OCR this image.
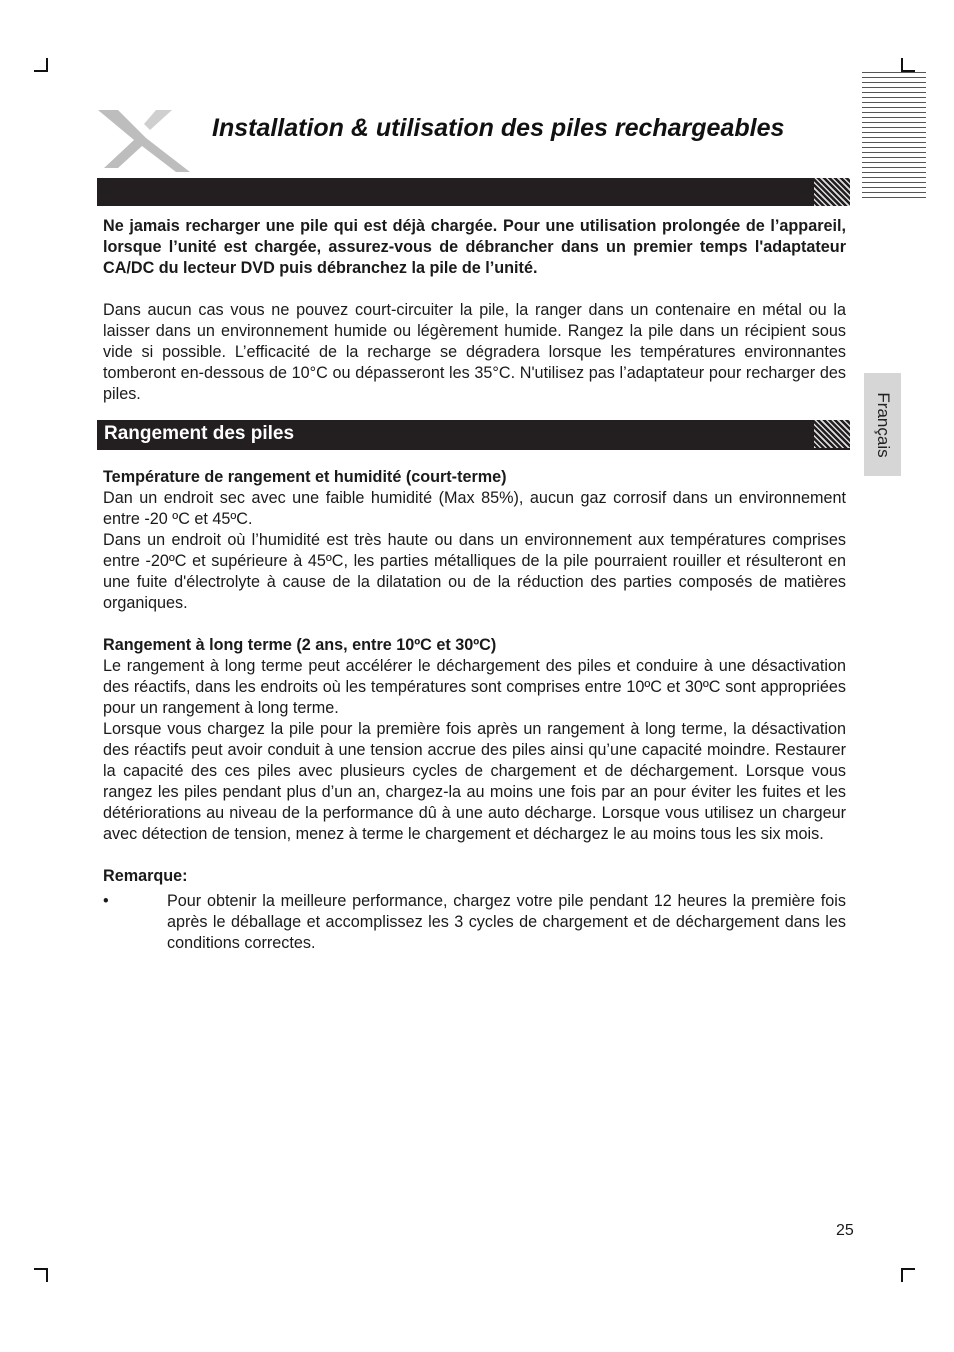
Installation & utilisation des piles rechargeables
Français

Ne jamais recharger une pile qui est déjà chargée. Pour une utilisation prolongée de l’appareil, lorsque l’unité est chargée, assurez-vous de débrancher dans un premier temps l'adaptateur CA/DC du lecteur DVD puis débranchez la pile de l’unité.

Dans aucun cas vous ne pouvez court-circuiter la pile, la ranger dans un contenaire en métal ou la laisser dans un environnement humide ou légèrement humide. Rangez la pile dans un récipient sous vide si possible. L’efficacité de la recharge se dégradera lorsque les températures environnantes tomberont en-dessous de 10°C ou dépasseront les 35°C. N'utilisez pas l’adaptateur pour recharger des piles.

Rangement des piles

Température de rangement et humidité (court-terme)

Dan un endroit sec avec une faible humidité (Max 85%), aucun gaz corrosif dans un environnement entre -20 ºC et 45ºC.

Dans un endroit où l’humidité est très haute ou dans un environnement aux températures comprises entre -20ºC et supérieure à 45ºC, les parties métalliques de la pile pourraient rouiller et résulteront en une fuite d'électrolyte à cause de la dilatation ou de la réduction des parties composés de matières organiques.

Rangement à long terme (2 ans, entre 10ºC et 30ºC)

Le rangement à long terme peut accélérer le déchargement des piles et conduire à une désactivation des réactifs, dans les endroits où les températures sont comprises entre 10ºC et 30ºC sont appropriées pour un rangement à long terme.

Lorsque vous chargez la pile pour la première fois après un rangement à long terme, la désactivation des réactifs peut avoir conduit à une tension accrue des piles ainsi qu’une capacité moindre. Restaurer la capacité des ces piles avec plusieurs cycles de chargement et de déchargement. Lorsque vous rangez les piles pendant plus d’un an, chargez-la au moins une fois par an pour éviter les fuites et les détériorations au niveau de la performance dû à une auto décharge. Lorsque vous utilisez un chargeur avec détection de tension, menez à terme le chargement et déchargez le au moins tous les six mois.

Remarque:

•	Pour obtenir la meilleure performance, chargez votre pile pendant 12 heures la première fois après le déballage et accomplissez les 3 cycles de chargement et de déchargement dans les conditions correctes.

25
